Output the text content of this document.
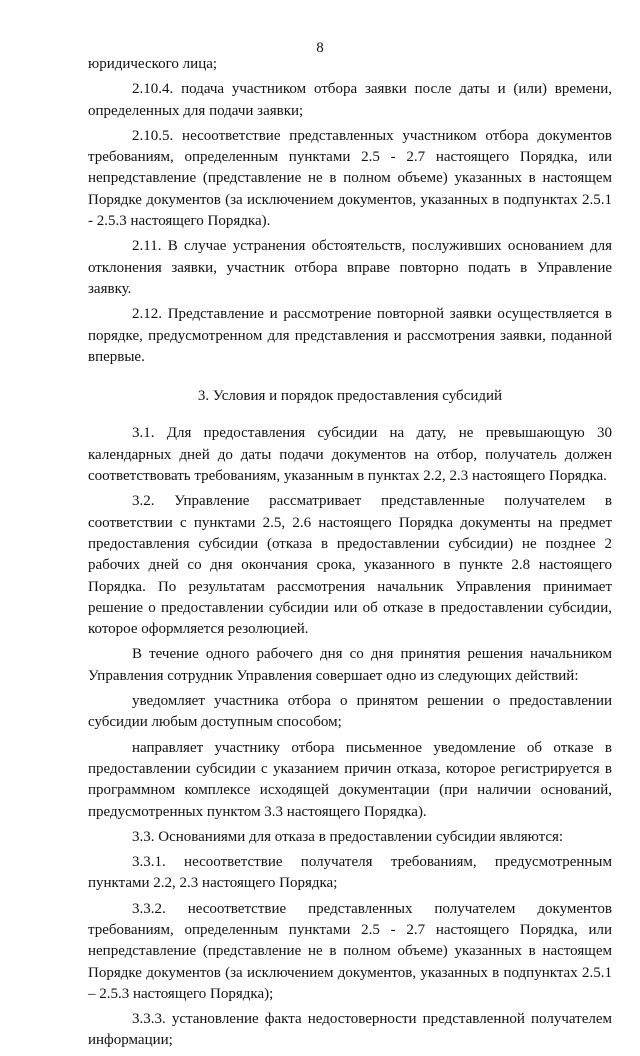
8

юридического лица;

2.10.4. подача участником отбора заявки после даты и (или) времени, определенных для подачи заявки;

2.10.5. несоответствие представленных участником отбора документов требованиям, определенным пунктами 2.5 - 2.7 настоящего Порядка, или непредставление (представление не в полном объеме) указанных в настоящем Порядке документов (за исключением документов, указанных в подпунктах 2.5.1 - 2.5.3 настоящего Порядка).

2.11. В случае устранения обстоятельств, послуживших основанием для отклонения заявки, участник отбора вправе повторно подать в Управление заявку.

2.12. Представление и рассмотрение повторной заявки осуществляется в порядке, предусмотренном для представления и рассмотрения заявки, поданной впервые.

3. Условия и порядок предоставления субсидий

3.1. Для предоставления субсидии на дату, не превышающую 30 календарных дней до даты подачи документов на отбор, получатель должен соответствовать требованиям, указанным в пунктах 2.2, 2.3 настоящего Порядка.

3.2. Управление рассматривает представленные получателем в соответствии с пунктами 2.5, 2.6 настоящего Порядка документы на предмет предоставления субсидии (отказа в предоставлении субсидии) не позднее 2 рабочих дней со дня окончания срока, указанного в пункте 2.8 настоящего Порядка. По результатам рассмотрения начальник Управления принимает решение о предоставлении субсидии или об отказе в предоставлении субсидии, которое оформляется резолюцией.

В течение одного рабочего дня со дня принятия решения начальником Управления сотрудник Управления совершает одно из следующих действий:

уведомляет участника отбора о принятом решении о предоставлении субсидии любым доступным способом;

направляет участнику отбора письменное уведомление об отказе в предоставлении субсидии с указанием причин отказа, которое регистрируется в программном комплексе исходящей документации (при наличии оснований, предусмотренных пунктом 3.3 настоящего Порядка).

3.3. Основаниями для отказа в предоставлении субсидии являются:

3.3.1. несоответствие получателя требованиям, предусмотренным пунктами 2.2, 2.3 настоящего Порядка;

3.3.2. несоответствие представленных получателем документов требованиям, определенным пунктами 2.5 - 2.7 настоящего Порядка, или непредставление (представление не в полном объеме) указанных в настоящем Порядке документов (за исключением документов, указанных в подпунктах 2.5.1 – 2.5.3 настоящего Порядка);

3.3.3. установление факта недостоверности представленной получателем информации;
